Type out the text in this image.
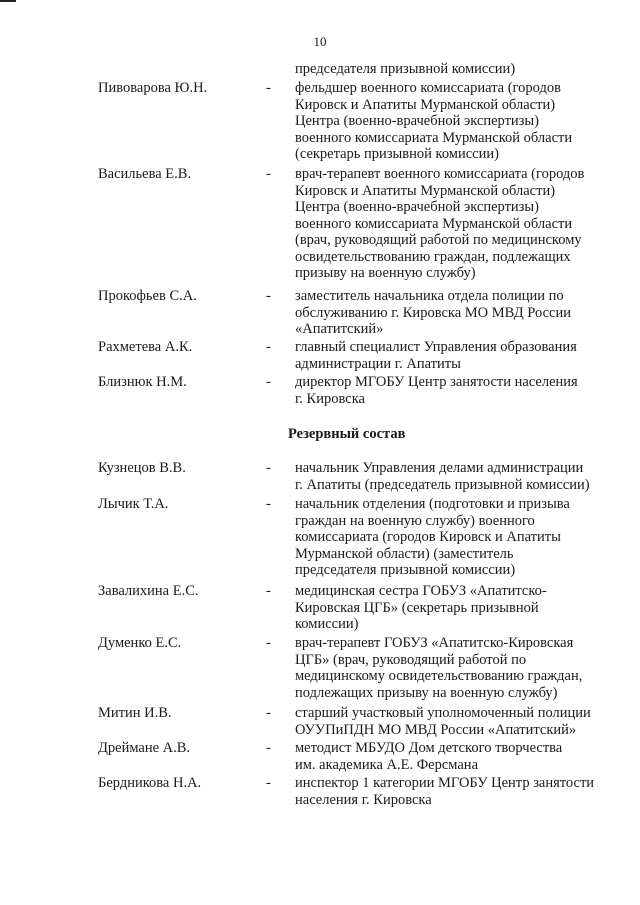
10
председателя призывной комиссии)
Пивоварова Ю.Н.	- фельдшер военного комиссариата (городов
Кировск и Апатиты Мурманской области)
Центра (военно-врачебной экспертизы)
военного комиссариата Мурманской области
(секретарь призывной комиссии)
Васильева Е.В.	- врач-терапевт военного комиссариата (городов
Кировск и Апатиты Мурманской области)
Центра (военно-врачебной экспертизы)
военного комиссариата Мурманской области
(врач, руководящий работой по медицинскому
освидетельствованию граждан, подлежащих
призыву на военную службу)
Прокофьев С.А.	- заместитель начальника отдела полиции по
обслуживанию г. Кировска МО МВД России
«Апатитский»
Рахметева А.К.	- главный специалист Управления образования
администрации г. Апатиты
Близнюк Н.М.	- директор МГОБУ Центр занятости населения
г. Кировска
Резервный состав
Кузнецов В.В.	- начальник Управления делами администрации
г. Апатиты (председатель призывной комиссии)
Лычик Т.А.	- начальник отделения (подготовки и призыва
граждан на военную службу) военного
комиссариата (городов Кировск и Апатиты
Мурманской области) (заместитель
председателя призывной комиссии)
Завалихина Е.С.	- медицинская сестра ГОБУЗ «Апатитско-
Кировская ЦГБ» (секретарь призывной
комиссии)
Думенко Е.С.	- врач-терапевт ГОБУЗ «Апатитско-Кировская
ЦГБ» (врач, руководящий работой по
медицинскому освидетельствованию граждан,
подлежащих призыву на военную службу)
Митин И.В.	- старший участковый уполномоченный полиции
ОУУПиПДН МО МВД России «Апатитский»
Дреймане А.В.	- методист МБУДО Дом детского творчества
им. академика А.Е. Ферсмана
Бердникова Н.А.	- инспектор 1 категории МГОБУ Центр занятости
населения г. Кировска
